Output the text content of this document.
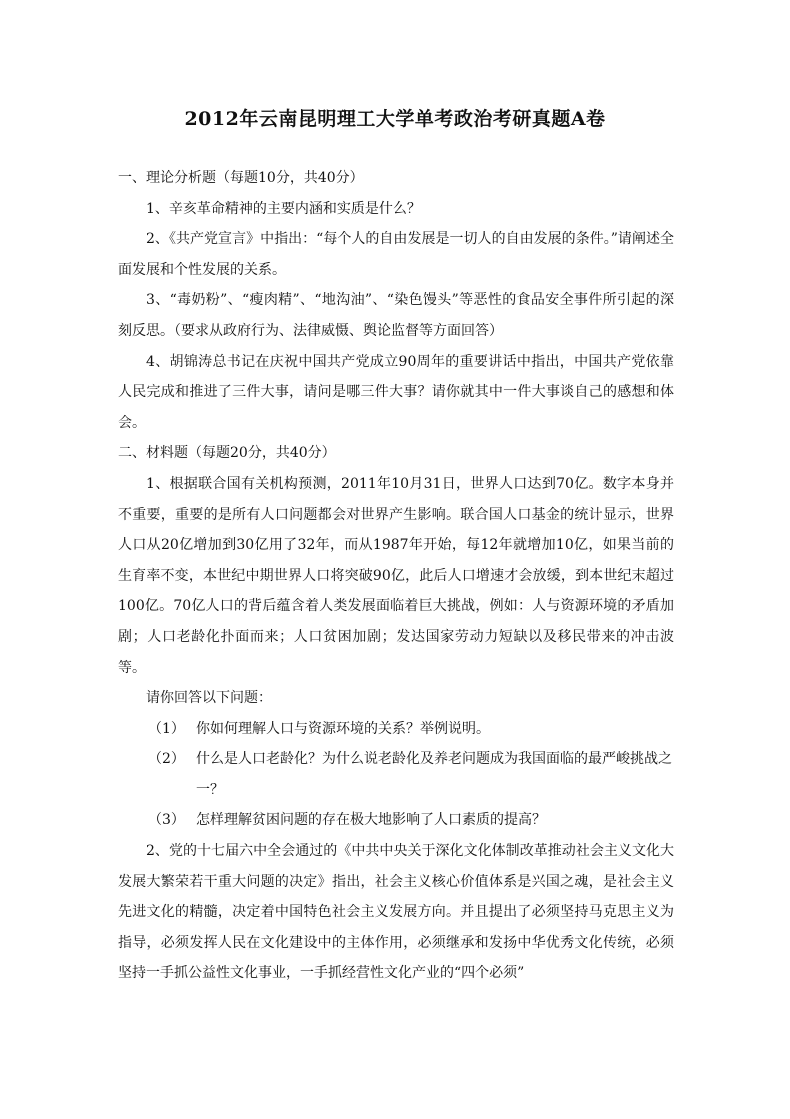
2012年云南昆明理工大学单考政治考研真题A卷

一、理论分析题（每题10分，共40分）

1、辛亥革命精神的主要内涵和实质是什么？

2、《共产党宣言》中指出：“每个人的自由发展是一切人的自由发展的条件。”请阐述全面发展和个性发展的关系。

3、“毒奶粉”、“瘦肉精”、“地沟油”、“染色馒头”等恶性的食品安全事件所引起的深刻反思。（要求从政府行为、法律威慑、舆论监督等方面回答）

4、胡锦涛总书记在庆祝中国共产党成立90周年的重要讲话中指出，中国共产党依靠人民完成和推进了三件大事，请问是哪三件大事？请你就其中一件大事谈自己的感想和体会。

二、材料题（每题20分，共40分）

1、根据联合国有关机构预测，2011年10月31日，世界人口达到70亿。数字本身并不重要，重要的是所有人口问题都会对世界产生影响。联合国人口基金的统计显示，世界人口从20亿增加到30亿用了32年，而从1987年开始，每12年就增加10亿，如果当前的生育率不变，本世纪中期世界人口将突破90亿，此后人口增速才会放缓，到本世纪末超过100亿。70亿人口的背后蕴含着人类发展面临着巨大挑战，例如：人与资源环境的矛盾加剧；人口老龄化扑面而来；人口贫困加剧；发达国家劳动力短缺以及移民带来的冲击波等。

请你回答以下问题：

（1） 你如何理解人口与资源环境的关系？举例说明。
（2） 什么是人口老龄化？为什么说老龄化及养老问题成为我国面临的最严峻挑战之一？
（3） 怎样理解贫困问题的存在极大地影响了人口素质的提高？

2、党的十七届六中全会通过的《中共中央关于深化文化体制改革推动社会主义文化大发展大繁荣若干重大问题的决定》指出，社会主义核心价值体系是兴国之魂，是社会主义先进文化的精髓，决定着中国特色社会主义发展方向。并且提出了必须坚持马克思主义为指导，必须发挥人民在文化建设中的主体作用，必须继承和发扬中华优秀文化传统，必须坚持一手抓公益性文化事业，一手抓经营性文化产业的“四个必须”
